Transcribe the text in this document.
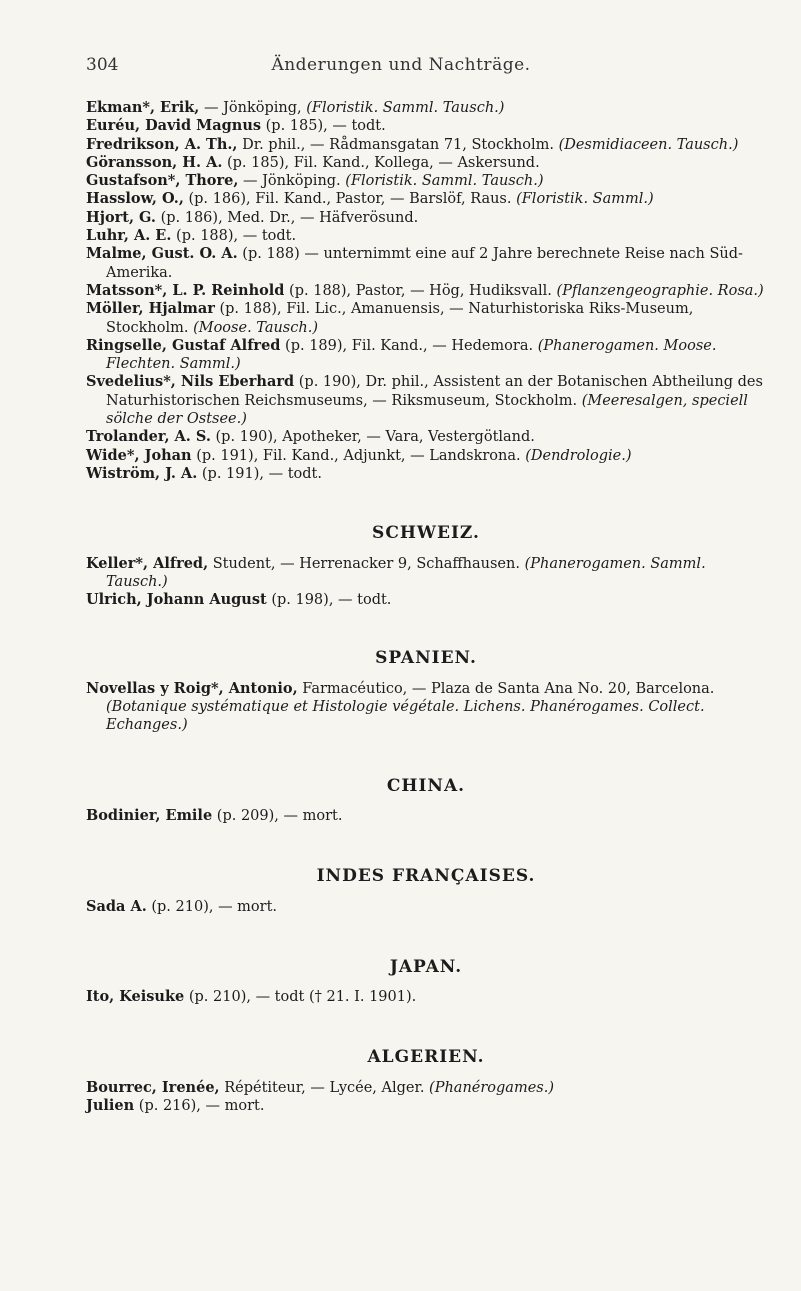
304	Änderungen und Nachträge.

Ekman*, Erik, — Jönköping, (Floristik. Samml. Tausch.)

Euréu, David Magnus (p. 185), — todt.

Fredrikson, A. Th., Dr. phil., — Rådmansgatan 71, Stockholm. (Desmidiaceen. Tausch.)

Göransson, H. A. (p. 185), Fil. Kand., Kollega, — Askersund.

Gustafson*, Thore, — Jönköping. (Floristik. Samml. Tausch.)

Hasslow, O., (p. 186), Fil. Kand., Pastor, — Barslöf, Raus. (Floristik. Samml.)

Hjort, G. (p. 186), Med. Dr., — Häfverösund.

Luhr, A. E. (p. 188), — todt.

Malme, Gust. O. A. (p. 188) — unternimmt eine auf 2 Jahre berechnete Reise nach Süd-Amerika.

Matsson*, L. P. Reinhold (p. 188), Pastor, — Hög, Hudiksvall. (Pflanzengeographie. Rosa.)

Möller, Hjalmar (p. 188), Fil. Lic., Amanuensis, — Naturhistoriska Riks-Museum, Stockholm. (Moose. Tausch.)

Ringselle, Gustaf Alfred (p. 189), Fil. Kand., — Hedemora. (Phanerogamen. Moose. Flechten. Samml.)

Svedelius*, Nils Eberhard (p. 190), Dr. phil., Assistent an der Botanischen Abtheilung des Naturhistorischen Reichsmuseums, — Riksmuseum, Stockholm. (Meeresalgen, speciell sölche der Ostsee.)

Trolander, A. S. (p. 190), Apotheker, — Vara, Vestergötland.

Wide*, Johan (p. 191), Fil. Kand., Adjunkt, — Landskrona. (Dendrologie.)

Wiström, J. A. (p. 191), — todt.

SCHWEIZ.

Keller*, Alfred, Student, — Herrenacker 9, Schaffhausen. (Phanerogamen. Samml. Tausch.)

Ulrich, Johann August (p. 198), — todt.

SPANIEN.

Novellas y Roig*, Antonio, Farmacéutico, — Plaza de Santa Ana No. 20, Barcelona. (Botanique systématique et Histologie végétale. Lichens. Phanérogames. Collect. Echanges.)

CHINA.

Bodinier, Emile (p. 209), — mort.

INDES FRANÇAISES.

Sada A. (p. 210), — mort.

JAPAN.

Ito, Keisuke (p. 210), — todt († 21. I. 1901).

ALGERIEN.

Bourrec, Irenée, Répétiteur, — Lycée, Alger. (Phanérogames.)

Julien (p. 216), — mort.
